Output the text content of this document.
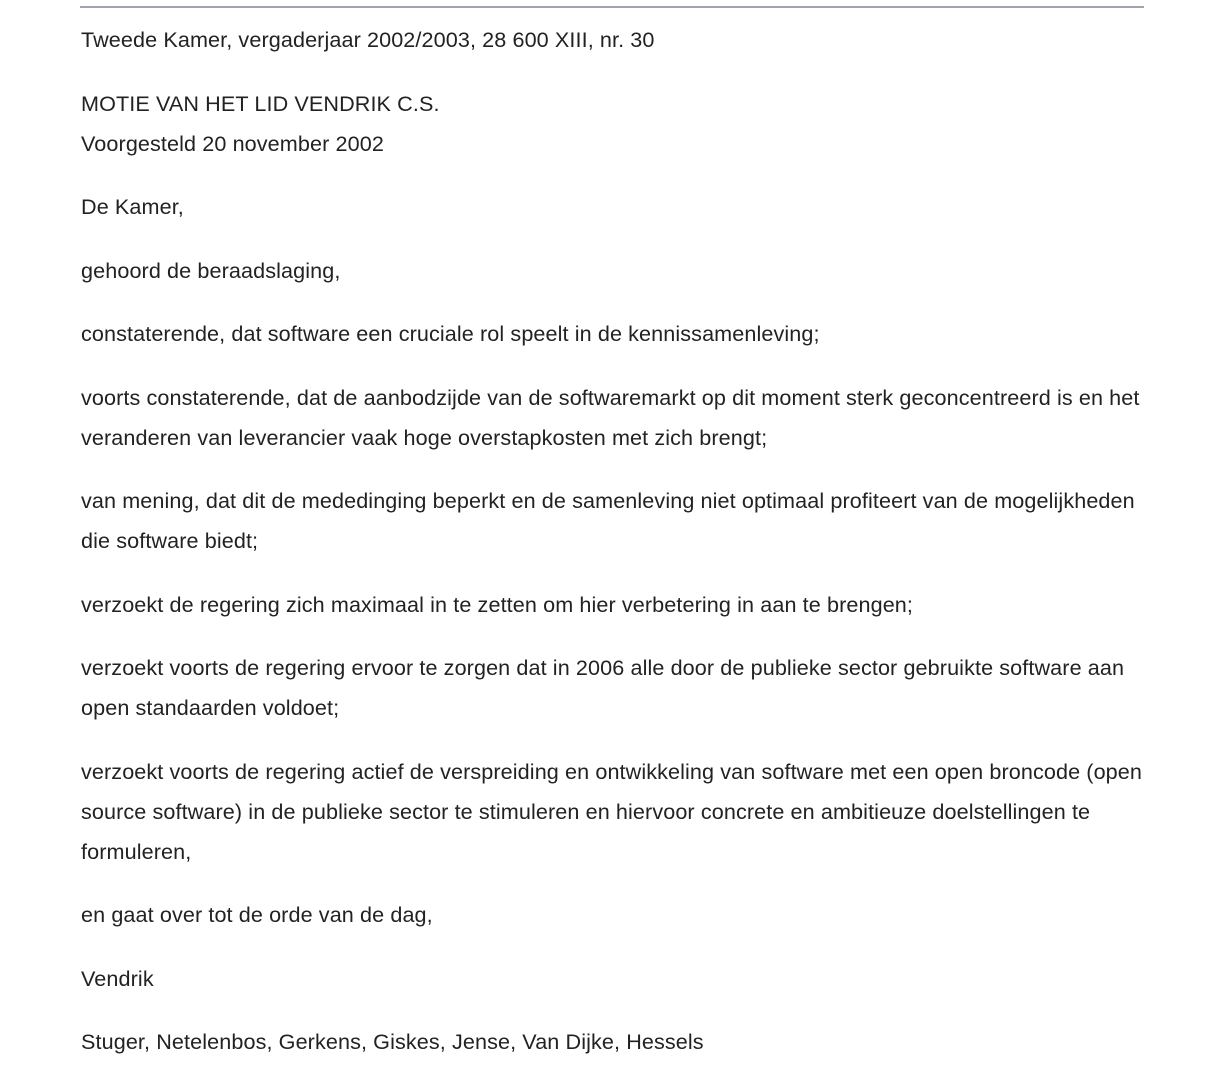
Tweede Kamer, vergaderjaar 2002/2003, 28 600 XIII, nr. 30

MOTIE VAN HET LID VENDRIK C.S.
Voorgesteld 20 november 2002

De Kamer,

gehoord de beraadslaging,

constaterende, dat software een cruciale rol speelt in de kennissamenleving;

voorts constaterende, dat de aanbodzijde van de softwaremarkt op dit moment sterk geconcentreerd is en het veranderen van leverancier vaak hoge overstapkosten met zich brengt;

van mening, dat dit de mededinging beperkt en de samenleving niet optimaal profiteert van de mogelijkheden die software biedt;

verzoekt de regering zich maximaal in te zetten om hier verbetering in aan te brengen;

verzoekt voorts de regering ervoor te zorgen dat in 2006 alle door de publieke sector gebruikte software aan open standaarden voldoet;

verzoekt voorts de regering actief de verspreiding en ontwikkeling van software met een open broncode (open source software) in de publieke sector te stimuleren en hiervoor concrete en ambitieuze doelstellingen te formuleren,

en gaat over tot de orde van de dag,

Vendrik

Stuger, Netelenbos, Gerkens, Giskes, Jense, Van Dijke, Hessels
